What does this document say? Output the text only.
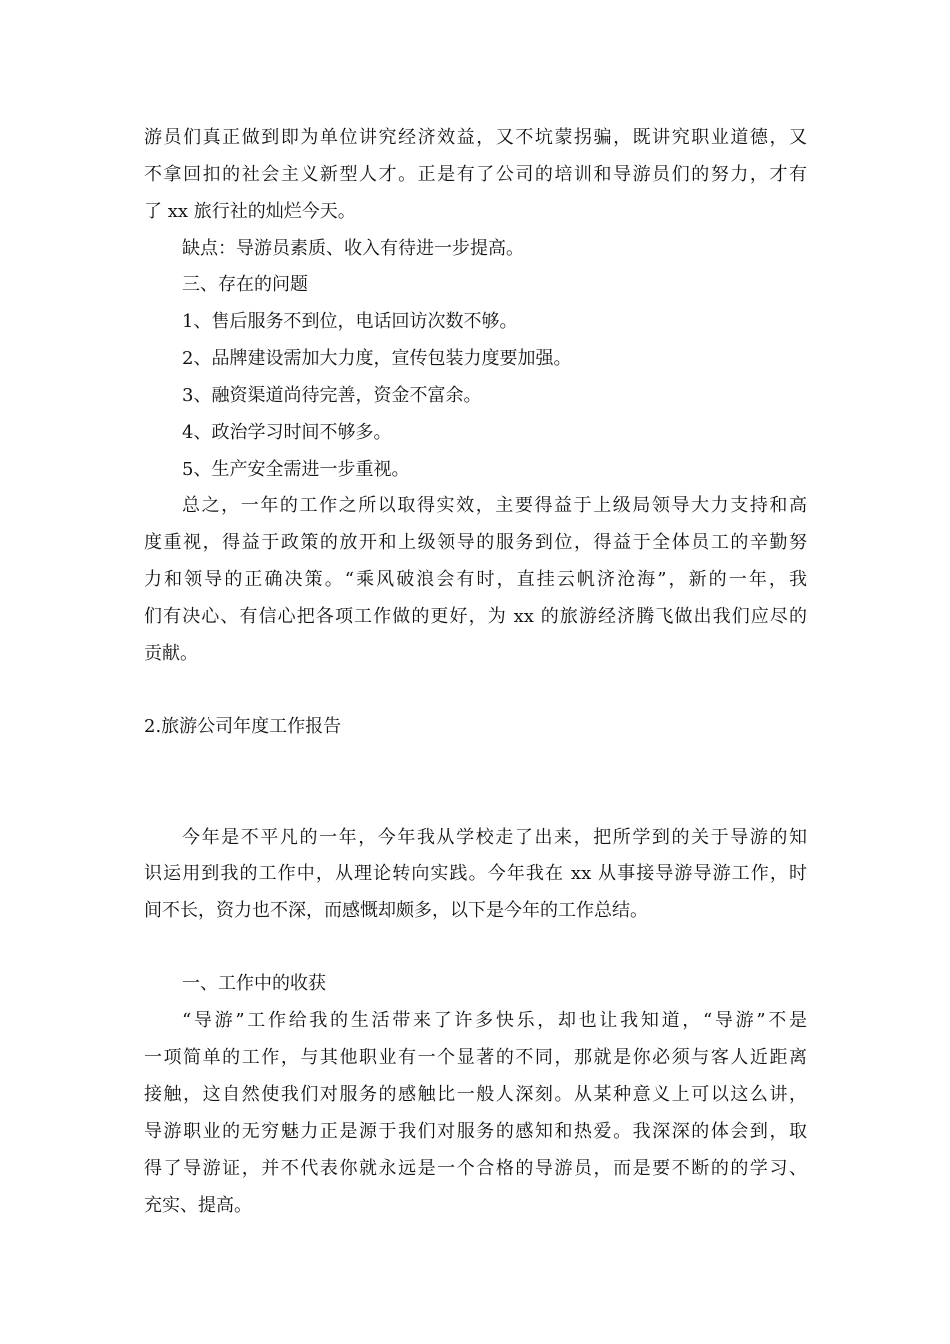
游员们真正做到即为单位讲究经济效益，又不坑蒙拐骗，既讲究职业道德，又

不拿回扣的社会主义新型人才。正是有了公司的培训和导游员们的努力，才有

了 xx 旅行社的灿烂今天。

缺点：导游员素质、收入有待进一步提高。

三、存在的问题

1、售后服务不到位，电话回访次数不够。

2、品牌建设需加大力度，宣传包装力度要加强。

3、融资渠道尚待完善，资金不富余。

4、政治学习时间不够多。

5、生产安全需进一步重视。

总之，一年的工作之所以取得实效，主要得益于上级局领导大力支持和高

度重视，得益于政策的放开和上级领导的服务到位，得益于全体员工的辛勤努

力和领导的正确决策。“乘风破浪会有时，直挂云帆济沧海”，新的一年，我

们有决心、有信心把各项工作做的更好，为 xx 的旅游经济腾飞做出我们应尽的

贡献。

2.旅游公司年度工作报告

今年是不平凡的一年，今年我从学校走了出来，把所学到的关于导游的知

识运用到我的工作中，从理论转向实践。今年我在 xx 从事接导游导游工作，时

间不长，资力也不深，而感慨却颇多，以下是今年的工作总结。

一、工作中的收获

“导游”工作给我的生活带来了许多快乐，却也让我知道，“导游”不是

一项简单的工作，与其他职业有一个显著的不同，那就是你必须与客人近距离

接触，这自然使我们对服务的感触比一般人深刻。从某种意义上可以这么讲，

导游职业的无穷魅力正是源于我们对服务的感知和热爱。我深深的体会到，取

得了导游证，并不代表你就永远是一个合格的导游员，而是要不断的的学习、

充实、提高。
